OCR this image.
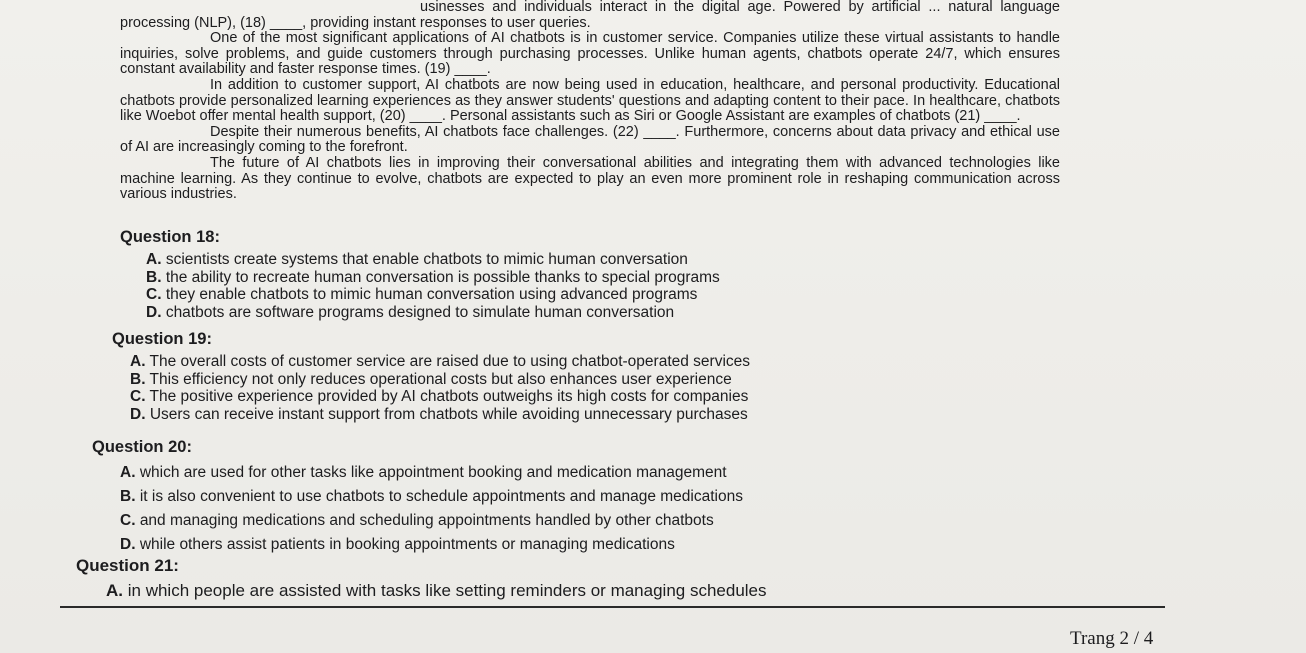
usinesses and individuals interact in the digital age. Powered by artificial ... natural language processing (NLP), (18) ____, providing instant responses to user queries.

One of the most significant applications of AI chatbots is in customer service. Companies utilize these virtual assistants to handle inquiries, solve problems, and guide customers through purchasing processes. Unlike human agents, chatbots operate 24/7, which ensures constant availability and faster response times. (19) ____.

In addition to customer support, AI chatbots are now being used in education, healthcare, and personal productivity. Educational chatbots provide personalized learning experiences as they answer students' questions and adapting content to their pace. In healthcare, chatbots like Woebot offer mental health support, (20) ____. Personal assistants such as Siri or Google Assistant are examples of chatbots (21) ____.

Despite their numerous benefits, AI chatbots face challenges. (22) ____. Furthermore, concerns about data privacy and ethical use of AI are increasingly coming to the forefront.

The future of AI chatbots lies in improving their conversational abilities and integrating them with advanced technologies like machine learning. As they continue to evolve, chatbots are expected to play an even more prominent role in reshaping communication across various industries.

Question 18:

A. scientists create systems that enable chatbots to mimic human conversation

B. the ability to recreate human conversation is possible thanks to special programs

C. they enable chatbots to mimic human conversation using advanced programs

D. chatbots are software programs designed to simulate human conversation

Question 19:

A. The overall costs of customer service are raised due to using chatbot-operated services

B. This efficiency not only reduces operational costs but also enhances user experience

C. The positive experience provided by AI chatbots outweighs its high costs for companies

D. Users can receive instant support from chatbots while avoiding unnecessary purchases

Question 20:

A. which are used for other tasks like appointment booking and medication management

B. it is also convenient to use chatbots to schedule appointments and manage medications

C. and managing medications and scheduling appointments handled by other chatbots

D. while others assist patients in booking appointments or managing medications

Question 21:

A. in which people are assisted with tasks like setting reminders or managing schedules

Trang 2 / 4
